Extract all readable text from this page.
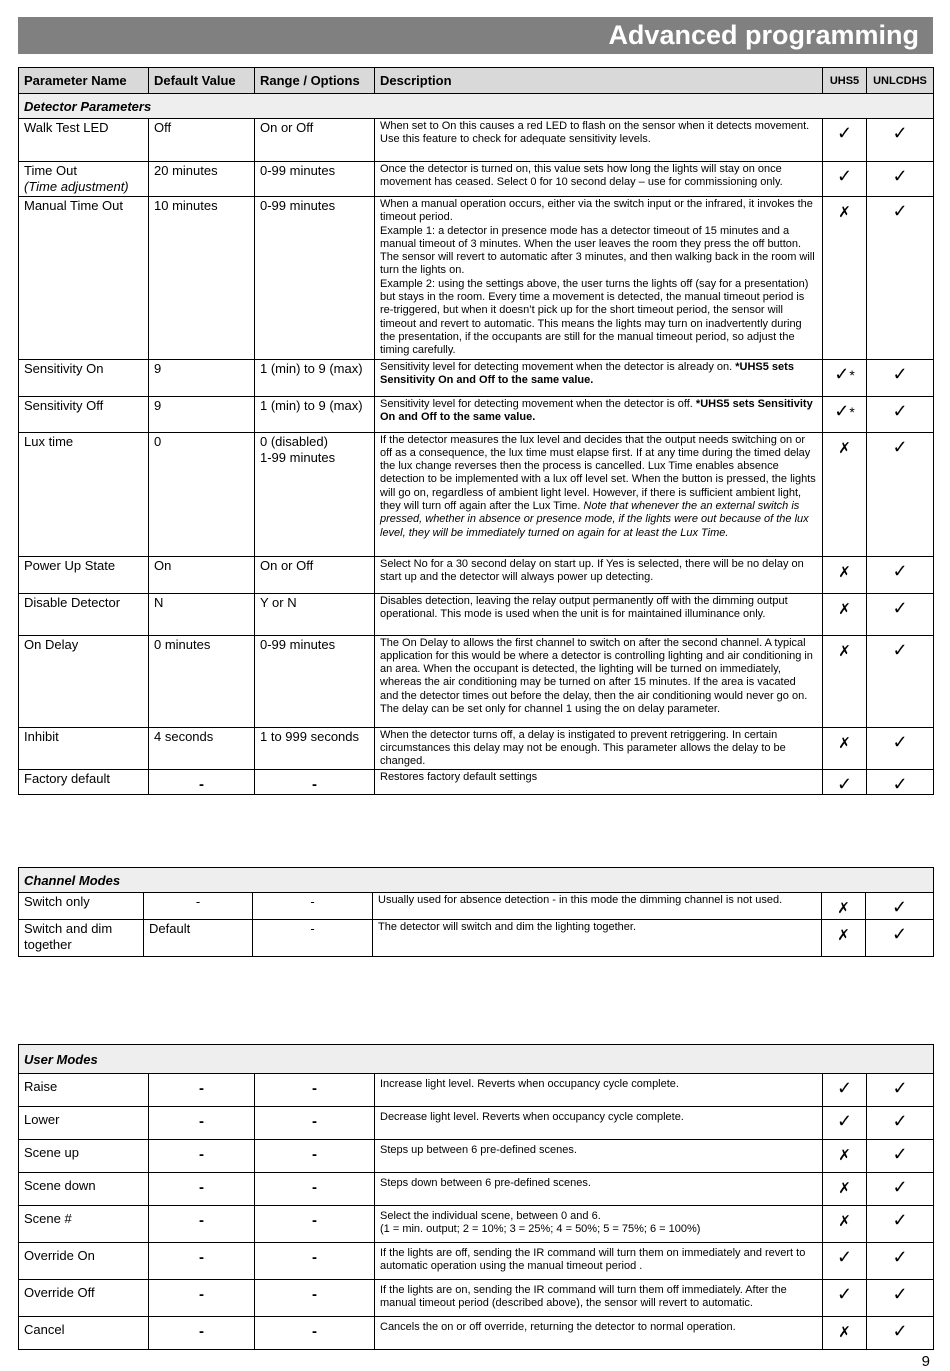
Advanced programming
Parameter Name	Default Value	Range / Options	Description	UHS5	UNLCDHS
Detector Parameters					
Walk Test LED	Off	On or Off	When set to On this causes a red LED to flash on the sensor when it detects movement. Use this feature to check for adequate sensitivity levels.	✓	✓

Time Out
(Time adjustment)	20 minutes	0-99 minutes	Once the detector is turned on, this value sets how long the lights will stay on once movement has ceased. Select 0 for 10 second delay – use for commissioning only.	✓	✓
Manual Time Out	10 minutes	0-99 minutes	When a manual operation occurs, either via the switch input or the infrared, it invokes the timeout period.
Example 1: a detector in presence mode has a detector timeout of 15 minutes and a manual timeout of 3 minutes. When the user leaves the room they press the off button. The sensor will revert to automatic after 3 minutes, and then walking back in the room will turn the lights on.
Example 2: using the settings above, the user turns the lights off (say for a presentation) but stays in the room. Every time a movement is detected, the manual timeout period is re-triggered, but when it doesn’t pick up for the short timeout period, the sensor will timeout and revert to automatic. This means the lights may turn on inadvertently during the presentation, if the occupants are still for the manual timeout period, so adjust the timing carefully.	✗	✓
Sensitivity On	9	1 (min) to 9 (max)	Sensitivity level for detecting movement when the detector is already on. *UHS5 sets Sensitivity On and Off to the same value.	✓*	✓
Sensitivity Off	9	1 (min) to 9 (max)	Sensitivity level for detecting movement when the detector is off. *UHS5 sets Sensitivity On and Off to the same value.	✓*	✓
Lux time	0	0 (disabled)
1-99 minutes	If the detector measures the lux level and decides that the output needs switching on or off as a consequence, the lux time must elapse first. If at any time during the timed delay the lux change reverses then the process is cancelled. Lux Time enables absence detection to be implemented with a lux off level set. When the button is pressed, the lights will go on, regardless of ambient light level. However, if there is sufficient ambient light, they will turn off again after the Lux Time. Note that whenever the an external switch is pressed, whether in absence or presence mode, if the lights were out because of the lux level, they will be immediately turned on again for at least the Lux Time.	✗	✓
Power Up State	On	On or Off	Select No for a 30 second delay on start up. If Yes is selected, there will be no delay on start up and the detector will always power up detecting.	✗	✓
Disable Detector	N	Y or N	Disables detection, leaving the relay output permanently off with the dimming output operational. This mode is used when the unit is for maintained illuminance only.	✗	✓
On Delay	0 minutes	0-99 minutes	The On Delay to allows the first channel to switch on after the second channel. A typical application for this would be where a detector is controlling lighting and air conditioning in an area. When the occupant is detected, the lighting will be turned on immediately, whereas the air conditioning may be turned on after 15 minutes. If the area is vacated and the detector times out before the delay, then the air conditioning would never go on. The delay can be set only for channel 1 using the on delay parameter.	✗	✓
Inhibit	4 seconds	1 to 999 seconds	When the detector turns off, a delay is instigated to prevent retriggering. In certain circumstances this delay may not be enough. This parameter allows the delay to be changed.	✗	✓
Factory default	-	-	Restores factory default settings	✓	✓
Channel Modes					
Switch only	-	-	Usually used for absence detection - in this mode the dimming channel is not used.	✗	✓
Switch and dim together	Default	-	The detector will switch and dim the lighting together.	✗	✓
User Modes					
Raise	-	-	Increase light level. Reverts when occupancy cycle complete.	✓	✓
Lower	-	-	Decrease light level. Reverts when occupancy cycle complete.	✓	✓
Scene up	-	-	Steps up between 6 pre-defined scenes.	✗	✓
Scene down	-	-	Steps down between 6 pre-defined scenes.	✗	✓
Scene #	-	-	Select the individual scene, between 0 and 6.
(1 = min. output; 2 = 10%; 3 = 25%; 4 = 50%; 5 = 75%; 6 = 100%)	✗	✓
Override On	-	-	If the lights are off, sending the IR command will turn them on immediately and revert to automatic operation using the manual timeout period .	✓	✓
Override Off	-	-	If the lights are on, sending the IR command will turn them off immediately. After the manual timeout period (described above), the sensor will revert to automatic.	✓	✓
Cancel	-	-	Cancels the on or off override, returning the detector to normal operation.	✗	✓
9
